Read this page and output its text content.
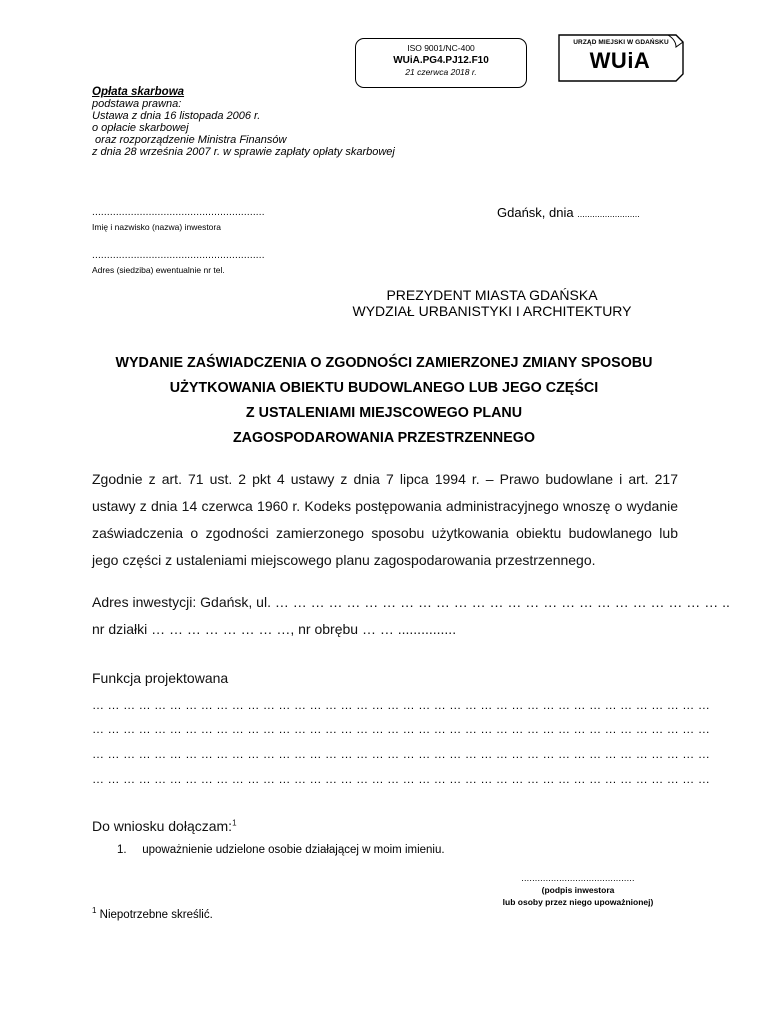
ISO 9001/NC-400
WUiA.PG4.PJ12.F10
21 czerwca 2018 r.
URZĄD MIEJSKI W GDAŃSKU
WUiA
Opłata skarbowa
podstawa prawna:
Ustawa z dnia 16 listopada 2006 r.
o opłacie skarbowej
oraz rozporządzenie Ministra Finansów
z dnia 28 września 2007 r. w sprawie zapłaty opłaty skarbowej
..........................................................
Imię i nazwisko (nazwa) inwestora
..........................................................
Adres (siedziba) ewentualnie nr tel.
Gdańsk, dnia .........................
PREZYDENT MIASTA GDAŃSKA
WYDZIAŁ URBANISTYKI I ARCHITEKTURY
WYDANIE ZAŚWIADCZENIA O ZGODNOŚCI ZAMIERZONEJ ZMIANY SPOSOBU
UŻYTKOWANIA OBIEKTU BUDOWLANEGO LUB JEGO CZĘŚCI
Z USTALENIAMI MIEJSCOWEGO PLANU
ZAGOSPODAROWANIA PRZESTRZENNEGO

Zgodnie z art. 71 ust. 2 pkt 4 ustawy z dnia 7 lipca 1994 r. – Prawo budowlane i art. 217 ustawy z dnia 14 czerwca 1960 r. Kodeks postępowania administracyjnego wnoszę o wydanie zaświadczenia o zgodności zamierzonego sposobu użytkowania obiektu budowlanego lub jego części z ustaleniami miejscowego planu zagospodarowania przestrzennego.

Adres inwestycji: Gdańsk, ul. … … … … … … … … … … … … … … … … … … … … … … … … … ..
nr działki … … … … … … … …, nr obrębu … … ...............
Funkcja projektowana
… … … … … … … … … … … … … … … … … … … … … … … … … … … … … … … … … … … … … … … …
… … … … … … … … … … … … … … … … … … … … … … … … … … … … … … … … … … … … … … … …
… … … … … … … … … … … … … … … … … … … … … … … … … … … … … … … … … … … … … … … …
… … … … … … … … … … … … … … … … … … … … … … … … … … … … … … … … … … … … … … … …
Do wniosku dołączam:$^1$
1. upoważnienie udzielone osobie działającej w moim imieniu.
..........................................
(podpis inwestora
lub osoby przez niego upoważnionej)
$^1$ Niepotrzebne skreślić.
